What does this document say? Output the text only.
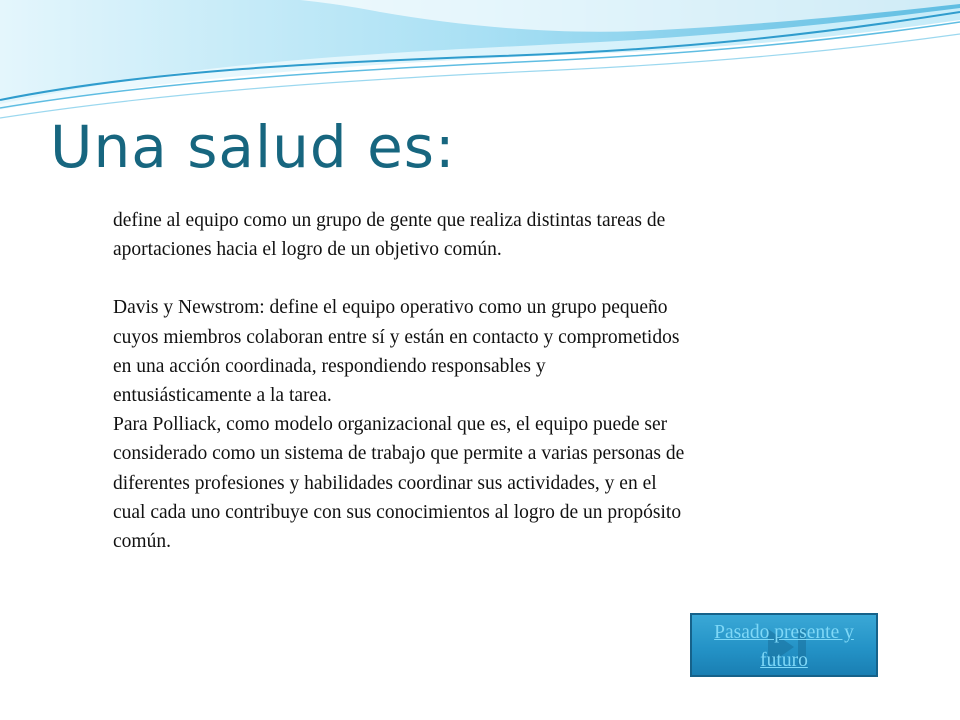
Una salud es:

define al equipo como un grupo de gente que realiza distintas tareas de aportaciones hacia el logro de un objetivo común.

Davis y Newstrom: define el equipo operativo como un grupo pequeño cuyos miembros colaboran entre sí y están en contacto y comprometidos en una acción coordinada, respondiendo responsables y entusiásticamente a la tarea.

Para Polliack, como modelo organizacional que es, el equipo puede ser considerado como un sistema de trabajo que permite a varias personas de diferentes profesiones y habilidades coordinar sus actividades, y en el cual cada uno contribuye con sus conocimientos al logro de un propósito común.

Pasado presente y futuro
